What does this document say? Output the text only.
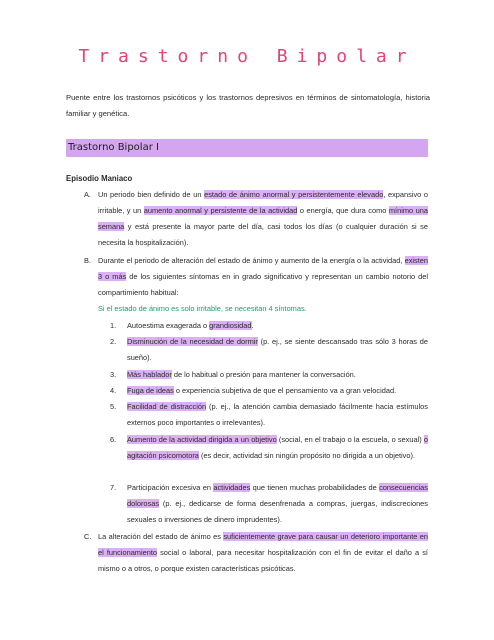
Trastorno Bipolar
Puente entre los trastornos psicóticos y los trastornos depresivos en términos de sintomatología, historia familiar y genética.
Trastorno Bipolar I
Episodio Maniaco
A. Un periodo bien definido de un estado de ánimo anormal y persistentemente elevado, expansivo o irritable, y un aumento anormal y persistente de la actividad o energía, que dura como mínimo una semana y está presente la mayor parte del día, casi todos los días (o cualquier duración si se necesita la hospitalización).
B. Durante el periodo de alteración del estado de ánimo y aumento de la energía o la actividad, existen 3 o más de los siguientes síntomas en in grado significativo y representan un cambio notorio del compartimiento habitual:
Si el estado de ánimo es solo irritable, se necesitan 4 síntomas.
1. Autoestima exagerada o grandiosidad.
2. Disminución de la necesidad de dormir (p. ej., se siente descansado tras sólo 3 horas de sueño).
3. Más hablador de lo habitual o presión para mantener la conversación.
4. Fuga de ideas o experiencia subjetiva de que el pensamiento va a gran velocidad.
5. Facilidad de distracción (p. ej., la atención cambia demasiado fácilmente hacia estímulos externos poco importantes o irrelevantes).
6. Aumento de la actividad dirigida a un objetivo (social, en el trabajo o la escuela, o sexual) o agitación psicomotora (es decir, actividad sin ningún propósito no dirigida a un objetivo).
7. Participación excesiva en actividades que tienen muchas probabilidades de consecuencias dolorosas (p. ej., dedicarse de forma desenfrenada a compras, juergas, indiscreciones sexuales o inversiones de dinero imprudentes).
C. La alteración del estado de ánimo es suficientemente grave para causar un deterioro importante en el funcionamiento social o laboral, para necesitar hospitalización con el fin de evitar el daño a sí mismo o a otros, o porque existen características psicóticas.
